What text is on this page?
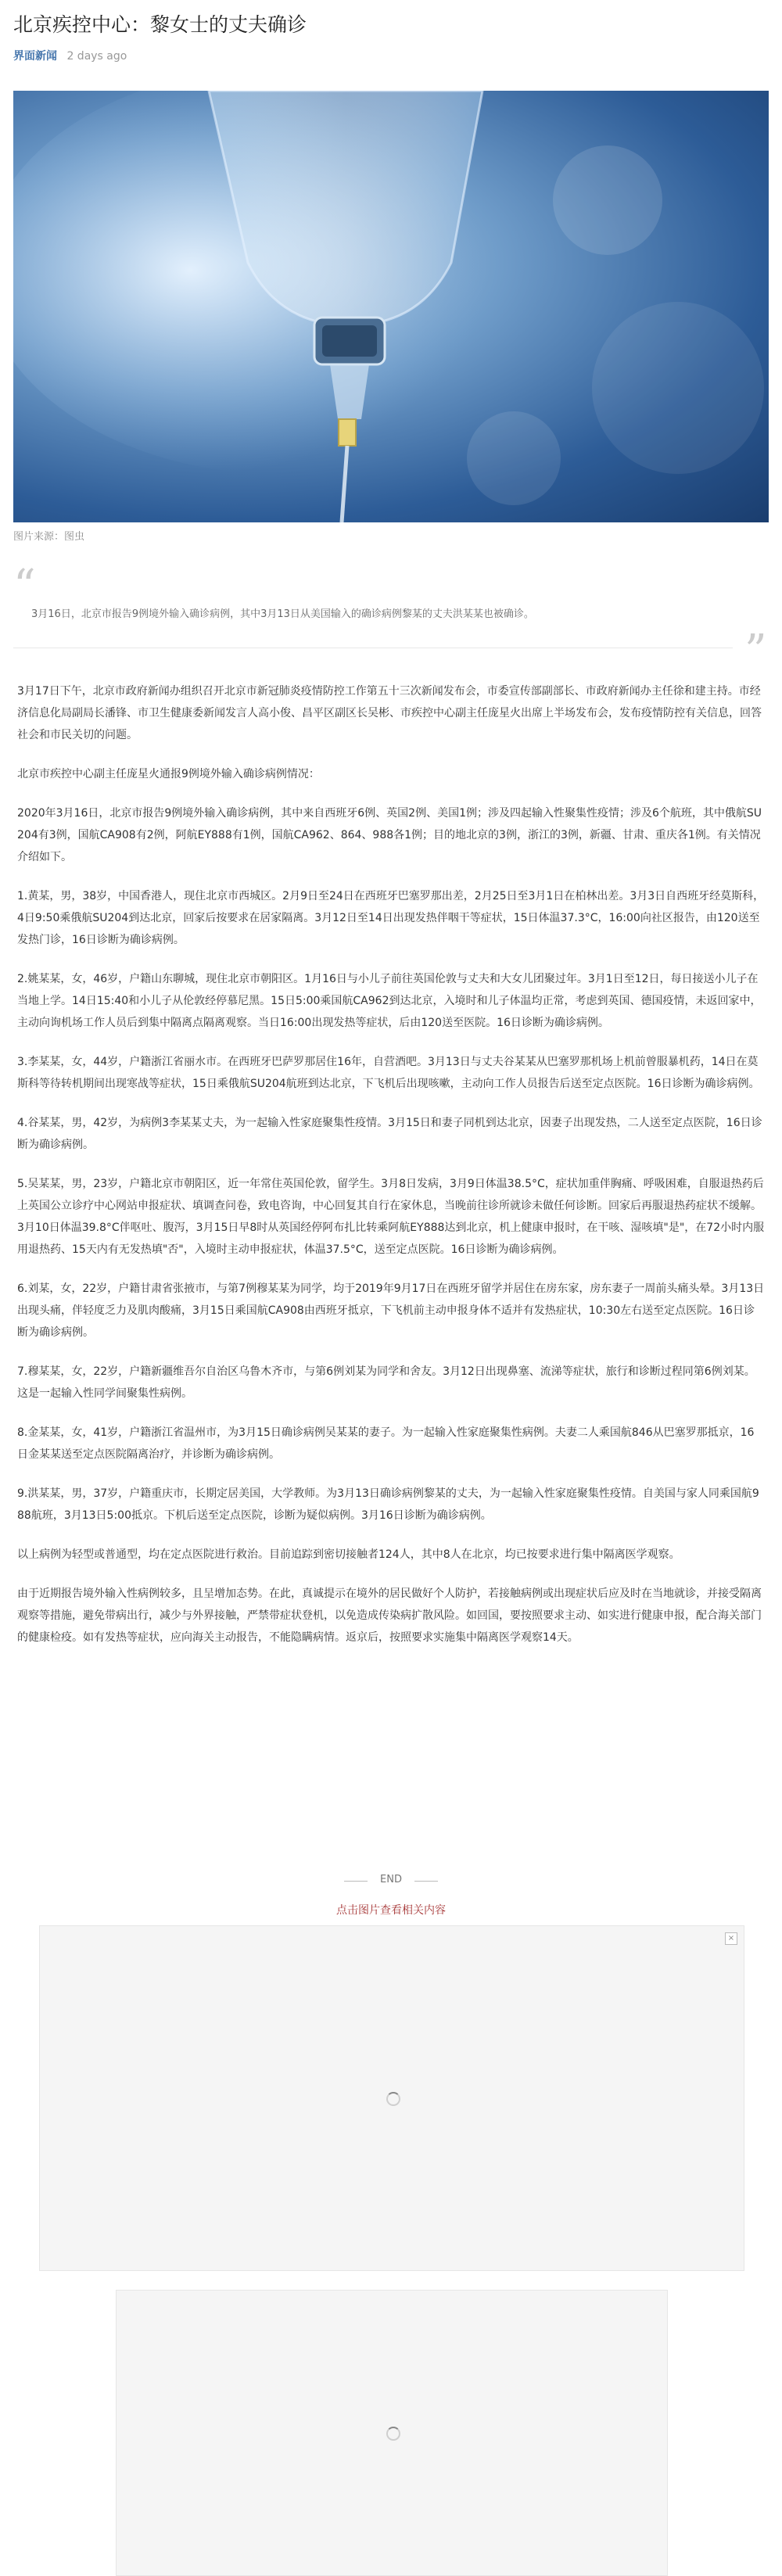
北京疾控中心：黎女士的丈夫确诊
界面新闻 2 days ago
图片来源：图虫
“
3月16日，北京市报告9例境外输入确诊病例，其中3月13日从美国输入的确诊病例黎某的丈夫洪某某也被确诊。
”

3月17日下午，北京市政府新闻办组织召开北京市新冠肺炎疫情防控工作第五十三次新闻发布会，市委宣传部副部长、市政府新闻办主任徐和建主持。市经济信息化局副局长潘锋、市卫生健康委新闻发言人高小俊、昌平区副区长吴彬、市疾控中心副主任庞星火出席上半场发布会，发布疫情防控有关信息，回答社会和市民关切的问题。

北京市疾控中心副主任庞星火通报9例境外输入确诊病例情况：

2020年3月16日，北京市报告9例境外输入确诊病例，其中来自西班牙6例、英国2例、美国1例；涉及四起输入性聚集性疫情；涉及6个航班，其中俄航SU204有3例，国航CA908有2例，阿航EY888有1例，国航CA962、864、988各1例；目的地北京的3例，浙江的3例，新疆、甘肃、重庆各1例。有关情况介绍如下。

1.黄某，男，38岁，中国香港人，现住北京市西城区。2月9日至24日在西班牙巴塞罗那出差，2月25日至3月1日在柏林出差。3月3日自西班牙经莫斯科，4日9:50乘俄航SU204到达北京，回家后按要求在居家隔离。3月12日至14日出现发热伴咽干等症状，15日体温37.3°C，16:00向社区报告，由120送至发热门诊，16日诊断为确诊病例。

2.姚某某，女，46岁，户籍山东聊城，现住北京市朝阳区。1月16日与小儿子前往英国伦敦与丈夫和大女儿团聚过年。3月1日至12日，每日接送小儿子在当地上学。14日15:40和小儿子从伦敦经停慕尼黑。15日5:00乘国航CA962到达北京，入境时和儿子体温均正常，考虑到英国、德国疫情，未返回家中，主动向询机场工作人员后到集中隔离点隔离观察。当日16:00出现发热等症状，后由120送至医院。16日诊断为确诊病例。

3.李某某，女，44岁，户籍浙江省丽水市。在西班牙巴萨罗那居住16年，自营酒吧。3月13日与丈夫谷某某从巴塞罗那机场上机前曾服暴机药，14日在莫斯科等待转机期间出现寒战等症状，15日乘俄航SU204航班到达北京，下飞机后出现咳嗽，主动向工作人员报告后送至定点医院。16日诊断为确诊病例。

4.谷某某，男，42岁，为病例3李某某丈夫，为一起输入性家庭聚集性疫情。3月15日和妻子同机到达北京，因妻子出现发热，二人送至定点医院，16日诊断为确诊病例。

5.吴某某，男，23岁，户籍北京市朝阳区，近一年常住英国伦敦，留学生。3月8日发病，3月9日体温38.5°C，症状加重伴胸痛、呼吸困难，自服退热药后上英国公立诊疗中心网站申报症状、填调查问卷，致电咨询，中心回复其自行在家休息，当晚前往诊所就诊未做任何诊断。回家后再服退热药症状不缓解。3月10日体温39.8°C伴呕吐、腹泻，3月15日早8时从英国经停阿布扎比转乘阿航EY888达到北京，机上健康申报时，在干咳、湿咳填"是"，在72小时内服用退热药、15天内有无发热填"否"，入境时主动申报症状，体温37.5°C，送至定点医院。16日诊断为确诊病例。

6.刘某，女，22岁，户籍甘肃省张掖市，与第7例穆某某为同学，均于2019年9月17日在西班牙留学并居住在房东家，房东妻子一周前头痛头晕。3月13日出现头痛，伴轻度乏力及肌肉酸痛，3月15日乘国航CA908由西班牙抵京，下飞机前主动申报身体不适并有发热症状，10:30左右送至定点医院。16日诊断为确诊病例。

7.穆某某，女，22岁，户籍新疆维吾尔自治区乌鲁木齐市，与第6例刘某为同学和舍友。3月12日出现鼻塞、流涕等症状，旅行和诊断过程同第6例刘某。这是一起输入性同学间聚集性病例。

8.金某某，女，41岁，户籍浙江省温州市，为3月15日确诊病例吴某某的妻子。为一起输入性家庭聚集性病例。夫妻二人乘国航846从巴塞罗那抵京，16日金某某送至定点医院隔离治疗，并诊断为确诊病例。

9.洪某某，男，37岁，户籍重庆市，长期定居美国，大学教师。为3月13日确诊病例黎某的丈夫，为一起输入性家庭聚集性疫情。自美国与家人同乘国航988航班，3月13日5:00抵京。下机后送至定点医院，诊断为疑似病例。3月16日诊断为确诊病例。

以上病例为轻型或普通型，均在定点医院进行救治。目前追踪到密切接触者124人，其中8人在北京，均已按要求进行集中隔离医学观察。

由于近期报告境外输入性病例较多，且呈增加态势。在此，真诚提示在境外的居民做好个人防护，若接触病例或出现症状后应及时在当地就诊，并接受隔离观察等措施，避免带病出行，减少与外界接触，严禁带症状登机，以免造成传染病扩散风险。如回国，要按照要求主动、如实进行健康申报，配合海关部门的健康检疫。如有发热等症状，应向海关主动报告，不能隐瞒病情。返京后，按照要求实施集中隔离医学观察14天。

END
点击图片查看相关内容
×
